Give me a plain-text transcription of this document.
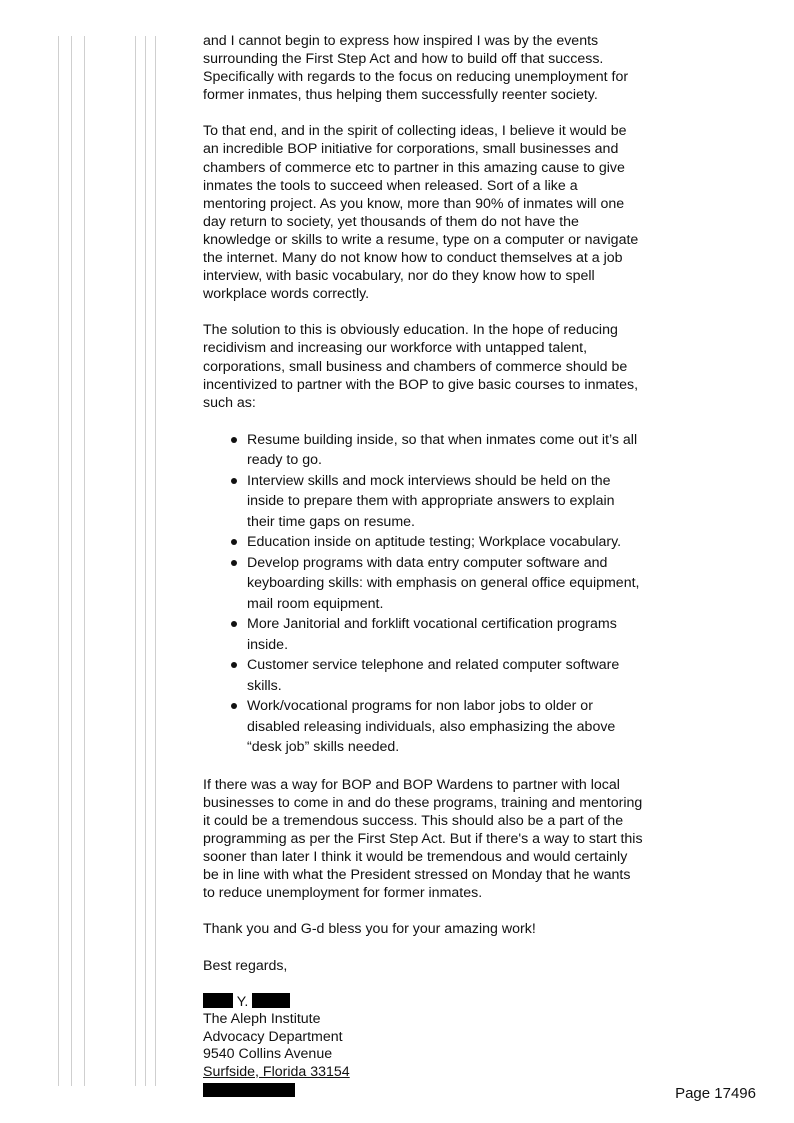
and I cannot begin to express how inspired I was by the events surrounding the First Step Act and how to build off that success. Specifically with regards to the focus on reducing unemployment for former inmates, thus helping them successfully reenter society.

To that end, and in the spirit of collecting ideas, I believe it would be an incredible BOP initiative for corporations, small businesses and chambers of commerce etc to partner in this amazing cause to give inmates the tools to succeed when released. Sort of a like a mentoring project. As you know, more than 90% of inmates will one day return to society, yet thousands of them do not have the knowledge or skills to write a resume, type on a computer or navigate the internet. Many do not know how to conduct themselves at a job interview, with basic vocabulary, nor do they know how to spell workplace words correctly.

The solution to this is obviously education. In the hope of reducing recidivism and increasing our workforce with untapped talent, corporations, small business and chambers of commerce should be incentivized to partner with the BOP to give basic courses to inmates, such as:

Resume building inside, so that when inmates come out it’s all ready to go.
Interview skills and mock interviews should be held on the inside to prepare them with appropriate answers to explain their time gaps on resume.
Education inside on aptitude testing; Workplace vocabulary.
Develop programs with data entry computer software and keyboarding skills: with emphasis on general office equipment, mail room equipment.
More Janitorial and forklift vocational certification programs inside.
Customer service telephone and related computer software skills.
Work/vocational programs for non labor jobs to older or disabled releasing individuals, also emphasizing the above “desk job” skills needed.

If there was a way for BOP and BOP Wardens to partner with local businesses to come in and do these programs, training and mentoring it could be a tremendous success. This should also be a part of the programming as per the First Step Act. But if there's a way to start this sooner than later I think it would be tremendous and would certainly be in line with what the President stressed on Monday that he wants to reduce unemployment for former inmates.

Thank you and G-d bless you for your amazing work!

Best regards,

Y.
The Aleph Institute
Advocacy Department
9540 Collins Avenue
Surfside, Florida 33154
Page 17496
